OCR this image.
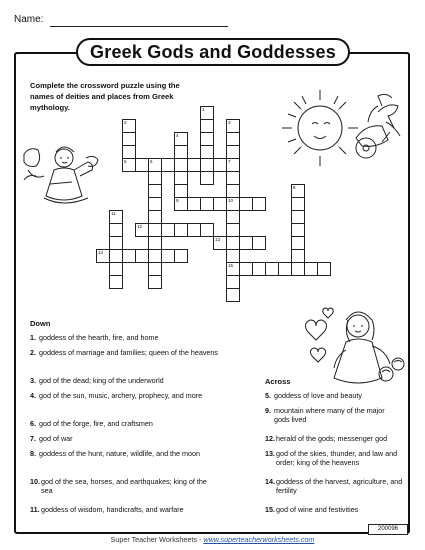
Name:
Greek Gods and Goddesses
Complete the crossword puzzle using the names of deities and places from Greek mythology.	1
2
5
3
7
4
9
6
10
8
15
11
12
13
14
Down
1. goddess of the hearth, fire, and home
2. goddess of marriage and families; queen of the heavens
3. god of the dead; king of the underworld
4. god of the sun, music, archery, prophecy, and more
6. god of the forge, fire, and craftsmen
7. god of war
8. goddess of the hunt, nature, wildlife, and the moon
10. god of the sea, horses, and earthquakes; king of the sea
11. goddess of wisdom, handicrafts, and warfare
Across
5. goddess of love and beauty
9. mountain where many of the major gods lived
12. herald of the gods; messenger god
13. god of the skies, thunder, and law and order; king of the heavens
14. goddess of the harvest, agriculture, and fertility
15. god of wine and festivities
Super Teacher Worksheets - www.superteacherworksheets.com
200096
